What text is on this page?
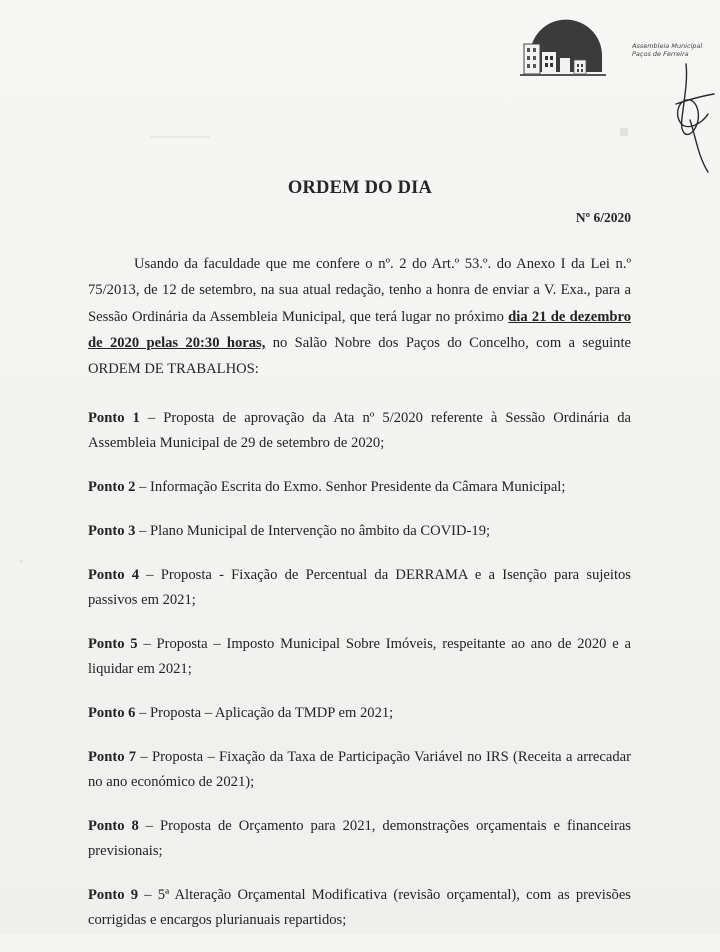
Assembleia Municipal
Paços de Ferreira
ORDEM DO DIA
Nº 6/2020
Usando da faculdade que me confere o nº. 2 do Art.º 53.º. do Anexo I da Lei n.º 75/2013, de 12 de setembro, na sua atual redação, tenho a honra de enviar a V. Exa., para a Sessão Ordinária da Assembleia Municipal, que terá lugar no próximo dia 21 de dezembro de 2020 pelas 20:30 horas, no Salão Nobre dos Paços do Concelho, com a seguinte ORDEM DE TRABALHOS:
Ponto 1 – Proposta de aprovação da Ata nº 5/2020 referente à Sessão Ordinária da Assembleia Municipal de 29 de setembro de 2020;
Ponto 2 – Informação Escrita do Exmo. Senhor Presidente da Câmara Municipal;
Ponto 3 – Plano Municipal de Intervenção no âmbito da COVID-19;
Ponto 4 – Proposta - Fixação de Percentual da DERRAMA e a Isenção para sujeitos passivos em 2021;
Ponto 5 – Proposta – Imposto Municipal Sobre Imóveis, respeitante ao ano de 2020 e a liquidar em 2021;
Ponto 6 – Proposta – Aplicação da TMDP em 2021;
Ponto 7 – Proposta – Fixação da Taxa de Participação Variável no IRS (Receita a arrecadar no ano económico de 2021);
Ponto 8 – Proposta de Orçamento para 2021, demonstrações orçamentais e financeiras previsionais;
Ponto 9 – 5ª Alteração Orçamental Modificativa (revisão orçamental), com as previsões corrigidas e encargos plurianuais repartidos;
